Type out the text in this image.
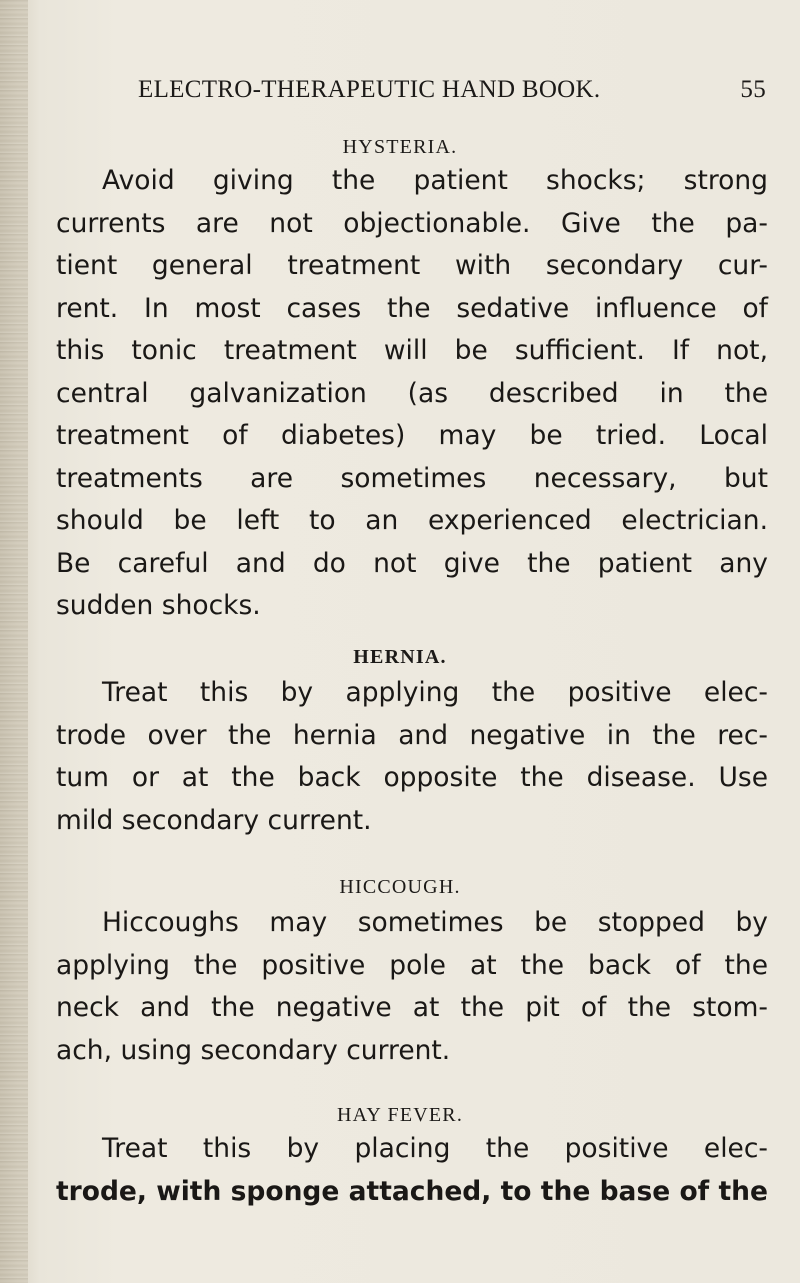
ELECTRO-THERAPEUTIC HAND BOOK.	55
HYSTERIA.
Avoid giving the patient shocks; strong
currents are not objectionable. Give the pa-
tient general treatment with secondary cur-
rent. In most cases the sedative influence of
this tonic treatment will be sufficient. If not,
central galvanization (as described in the
treatment of diabetes) may be tried. Local
treatments are sometimes necessary, but
should be left to an experienced electrician.
Be careful and do not give the patient any
sudden shocks.
HERNIA.
Treat this by applying the positive elec-
trode over the hernia and negative in the rec-
tum or at the back opposite the disease. Use
mild secondary current.
HICCOUGH.
Hiccoughs may sometimes be stopped by
applying the positive pole at the back of the
neck and the negative at the pit of the stom-
ach, using secondary current.
HAY FEVER.
Treat this by placing the positive elec-
trode, with sponge attached, to the base of the
